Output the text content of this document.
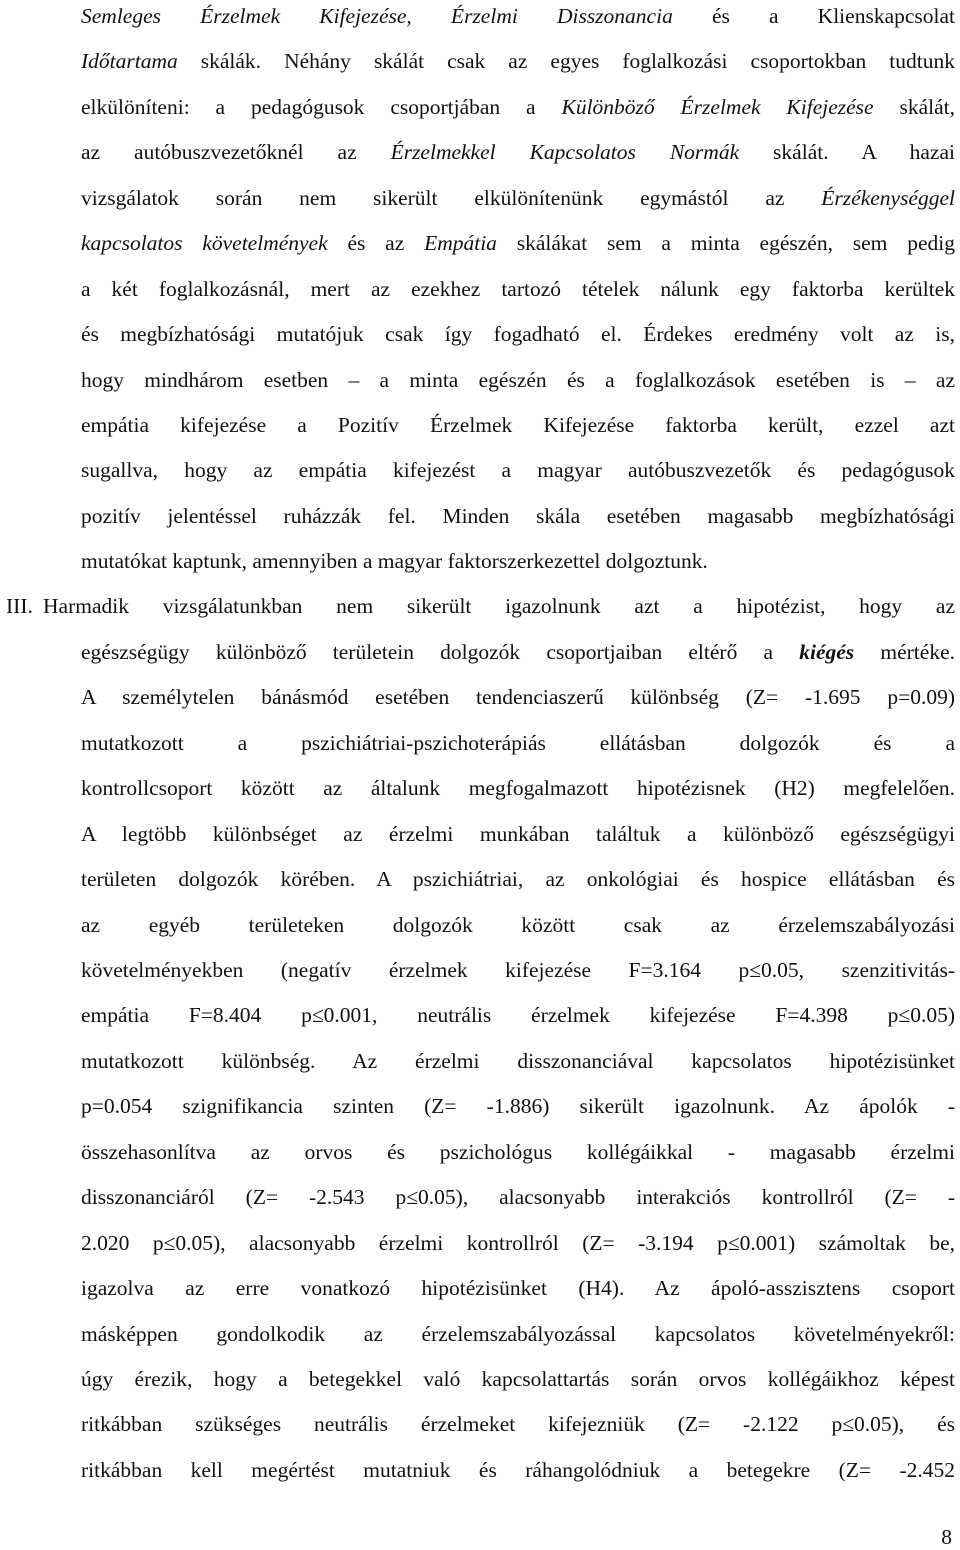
Semleges Érzelmek Kifejezése, Érzelmi Disszonancia és a Klienskapcsolat
Időtartama skálák. Néhány skálát csak az egyes foglalkozási csoportokban tudtunk
elkülöníteni: a pedagógusok csoportjában a Különböző Érzelmek Kifejezése skálát,
az autóbuszvezetőknél az Érzelmekkel Kapcsolatos Normák skálát. A hazai
vizsgálatok során nem sikerült elkülönítenünk egymástól az Érzékenységgel
kapcsolatos követelmények és az Empátia skálákat sem a minta egészén, sem pedig
a két foglalkozásnál, mert az ezekhez tartozó tételek nálunk egy faktorba kerültek
és megbízhatósági mutatójuk csak így fogadható el. Érdekes eredmény volt az is,
hogy mindhárom esetben – a minta egészén és a foglalkozások esetében is – az
empátia kifejezése a Pozitív Érzelmek Kifejezése faktorba került, ezzel azt
sugallva, hogy az empátia kifejezést a magyar autóbuszvezetők és pedagógusok
pozitív jelentéssel ruházzák fel. Minden skála esetében magasabb megbízhatósági
mutatókat kaptunk, amennyiben a magyar faktorszerkezettel dolgoztunk.
III. Harmadik vizsgálatunkban nem sikerült igazolnunk azt a hipotézist, hogy az
egészségügy különböző területein dolgozók csoportjaiban eltérő a kiégés mértéke.
A személytelen bánásmód esetében tendenciaszerű különbség (Z= -1.695 p=0.09)
mutatkozott a pszichiátriai-pszichoterápiás ellátásban dolgozók és a
kontrollcsoport között az általunk megfogalmazott hipotézisnek (H2) megfelelően.
A legtöbb különbséget az érzelmi munkában találtuk a különböző egészségügyi
területen dolgozók körében. A pszichiátriai, az onkológiai és hospice ellátásban és
az egyéb területeken dolgozók között csak az érzelemszabályozási
követelményekben (negatív érzelmek kifejezése F=3.164 p≤0.05, szenzitivitás-
empátia F=8.404 p≤0.001, neutrális érzelmek kifejezése F=4.398 p≤0.05)
mutatkozott különbség. Az érzelmi disszonanciával kapcsolatos hipotézisünket
p=0.054 szignifikancia szinten (Z= -1.886) sikerült igazolnunk. Az ápolók -
összehasonlítva az orvos és pszichológus kollégáikkal - magasabb érzelmi
disszonanciáról (Z= -2.543 p≤0.05), alacsonyabb interakciós kontrollról (Z= -
2.020 p≤0.05), alacsonyabb érzelmi kontrollról (Z= -3.194 p≤0.001) számoltak be,
igazolva az erre vonatkozó hipotézisünket (H4). Az ápoló-asszisztens csoport
másképpen gondolkodik az érzelemszabályozással kapcsolatos követelményekről:
úgy érezik, hogy a betegekkel való kapcsolattartás során orvos kollégáikhoz képest
ritkábban szükséges neutrális érzelmeket kifejezniük (Z= -2.122 p≤0.05), és
ritkábban kell megértést mutatniuk és ráhangolódniuk a betegekre (Z= -2.452
8
